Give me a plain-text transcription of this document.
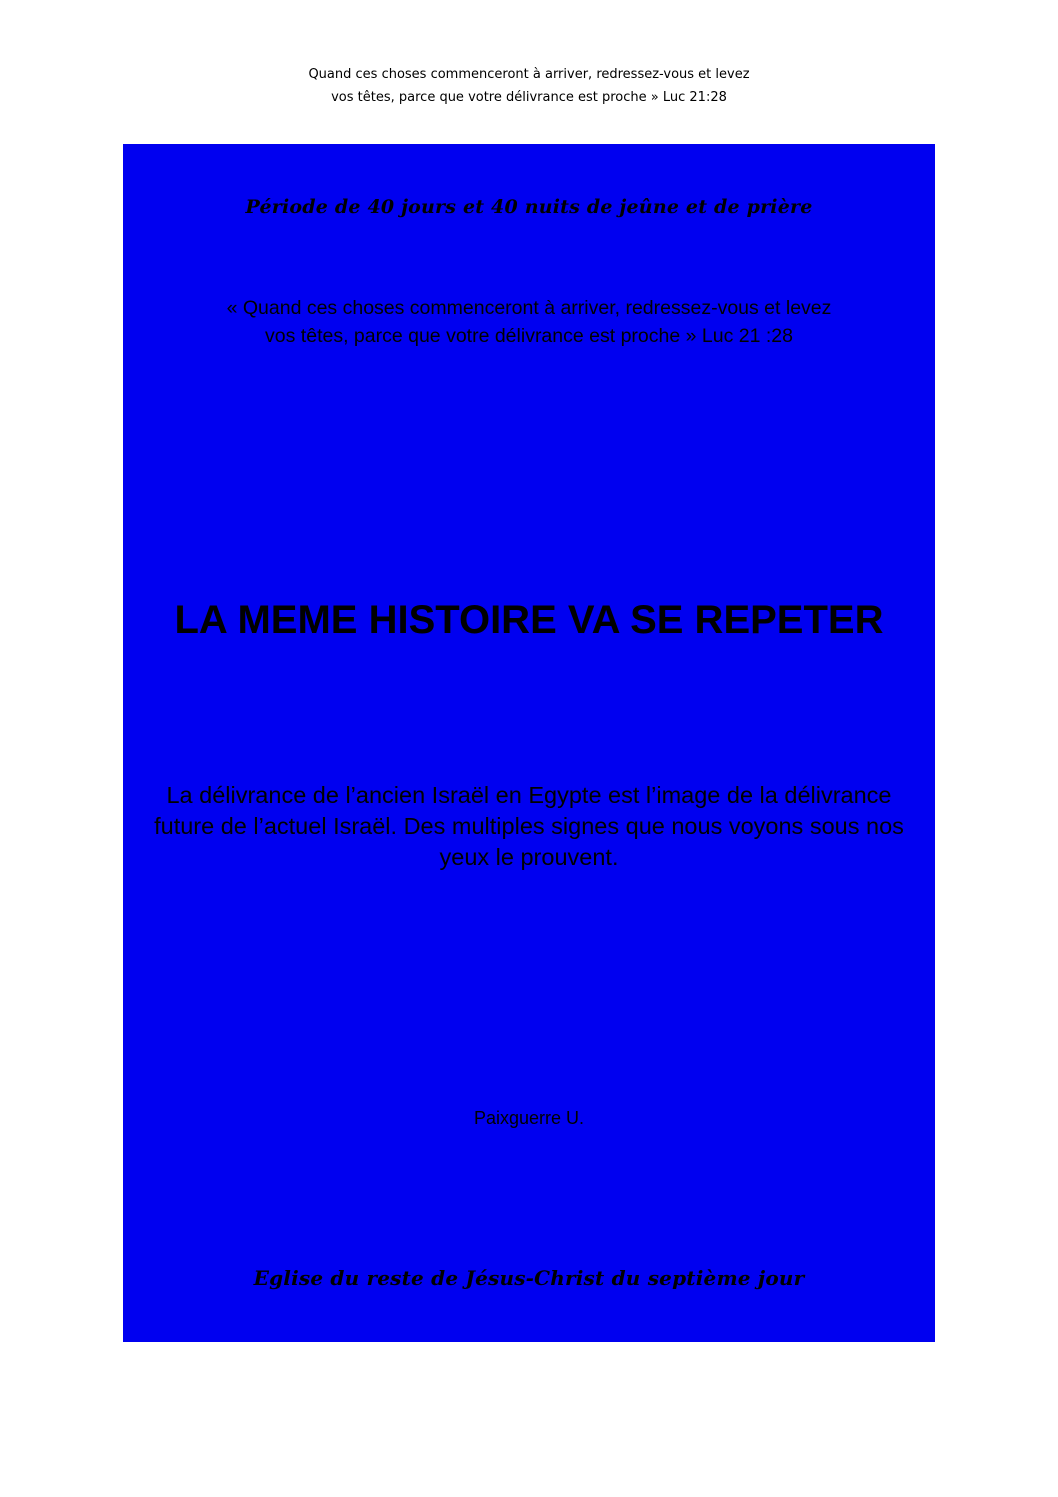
Quand ces choses commenceront à arriver, redressez-vous et levez
vos têtes, parce que votre délivrance est proche » Luc 21:28
Période de 40 jours et 40 nuits de jeûne et de prière
« Quand ces choses commenceront à arriver, redressez-vous et levez
vos têtes, parce que votre délivrance est proche » Luc 21 :28
LA MEME HISTOIRE VA SE REPETER
La délivrance de l’ancien Israël en Egypte est l’image de la délivrance
future de l’actuel Israël. Des multiples signes que nous voyons sous nos
yeux le prouvent.
Paixguerre U.
Eglise du reste de Jésus-Christ du septième jour
